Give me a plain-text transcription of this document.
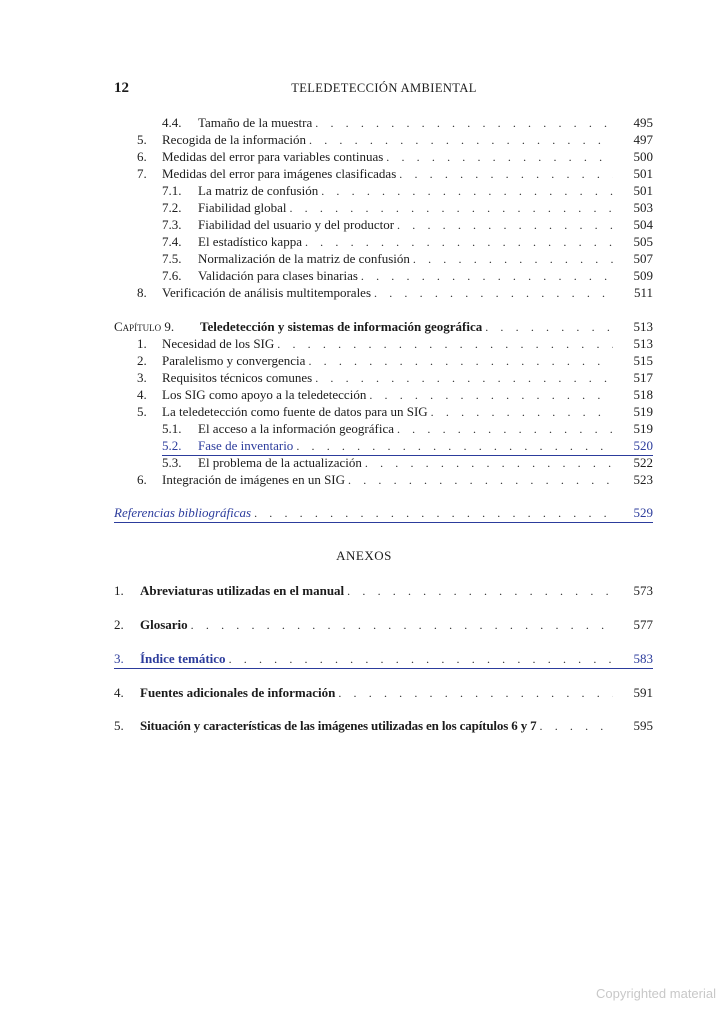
12	TELEDETECCIÓN AMBIENTAL
4.4.	Tamaño de la muestra . . .	495
5.	Recogida de la información . . .	497
6.	Medidas del error para variables continuas . . .	500
7.	Medidas del error para imágenes clasificadas . . .	501
7.1.	La matriz de confusión . . .	501
7.2.	Fiabilidad global . . .	503
7.3.	Fiabilidad del usuario y del productor . . .	504
7.4.	El estadístico kappa . . .	505
7.5.	Normalización de la matriz de confusión . . .	507
7.6.	Validación para clases binarias . . .	509
8.	Verificación de análisis multitemporales . . .	511
Capítulo 9.	Teledetección y sistemas de información geográfica . . .	513
1.	Necesidad de los SIG . . .	513
2.	Paralelismo y convergencia . . .	515
3.	Requisitos técnicos comunes . . .	517
4.	Los SIG como apoyo a la teledetección . . .	518
5.	La teledetección como fuente de datos para un SIG . . .	519
5.1.	El acceso a la información geográfica . . .	519
5.2.	Fase de inventario . . .	520
5.3.	El problema de la actualización . . .	522
6.	Integración de imágenes en un SIG . . .	523
Referencias bibliográficas . . .	529
ANEXOS
1.	Abreviaturas utilizadas en el manual . . .	573
2.	Glosario . . .	577
3.	Índice temático . . .	583
4.	Fuentes adicionales de información . . .	591
5.	Situación y características de las imágenes utilizadas en los capítulos 6 y 7 . . .	595
Copyrighted material
